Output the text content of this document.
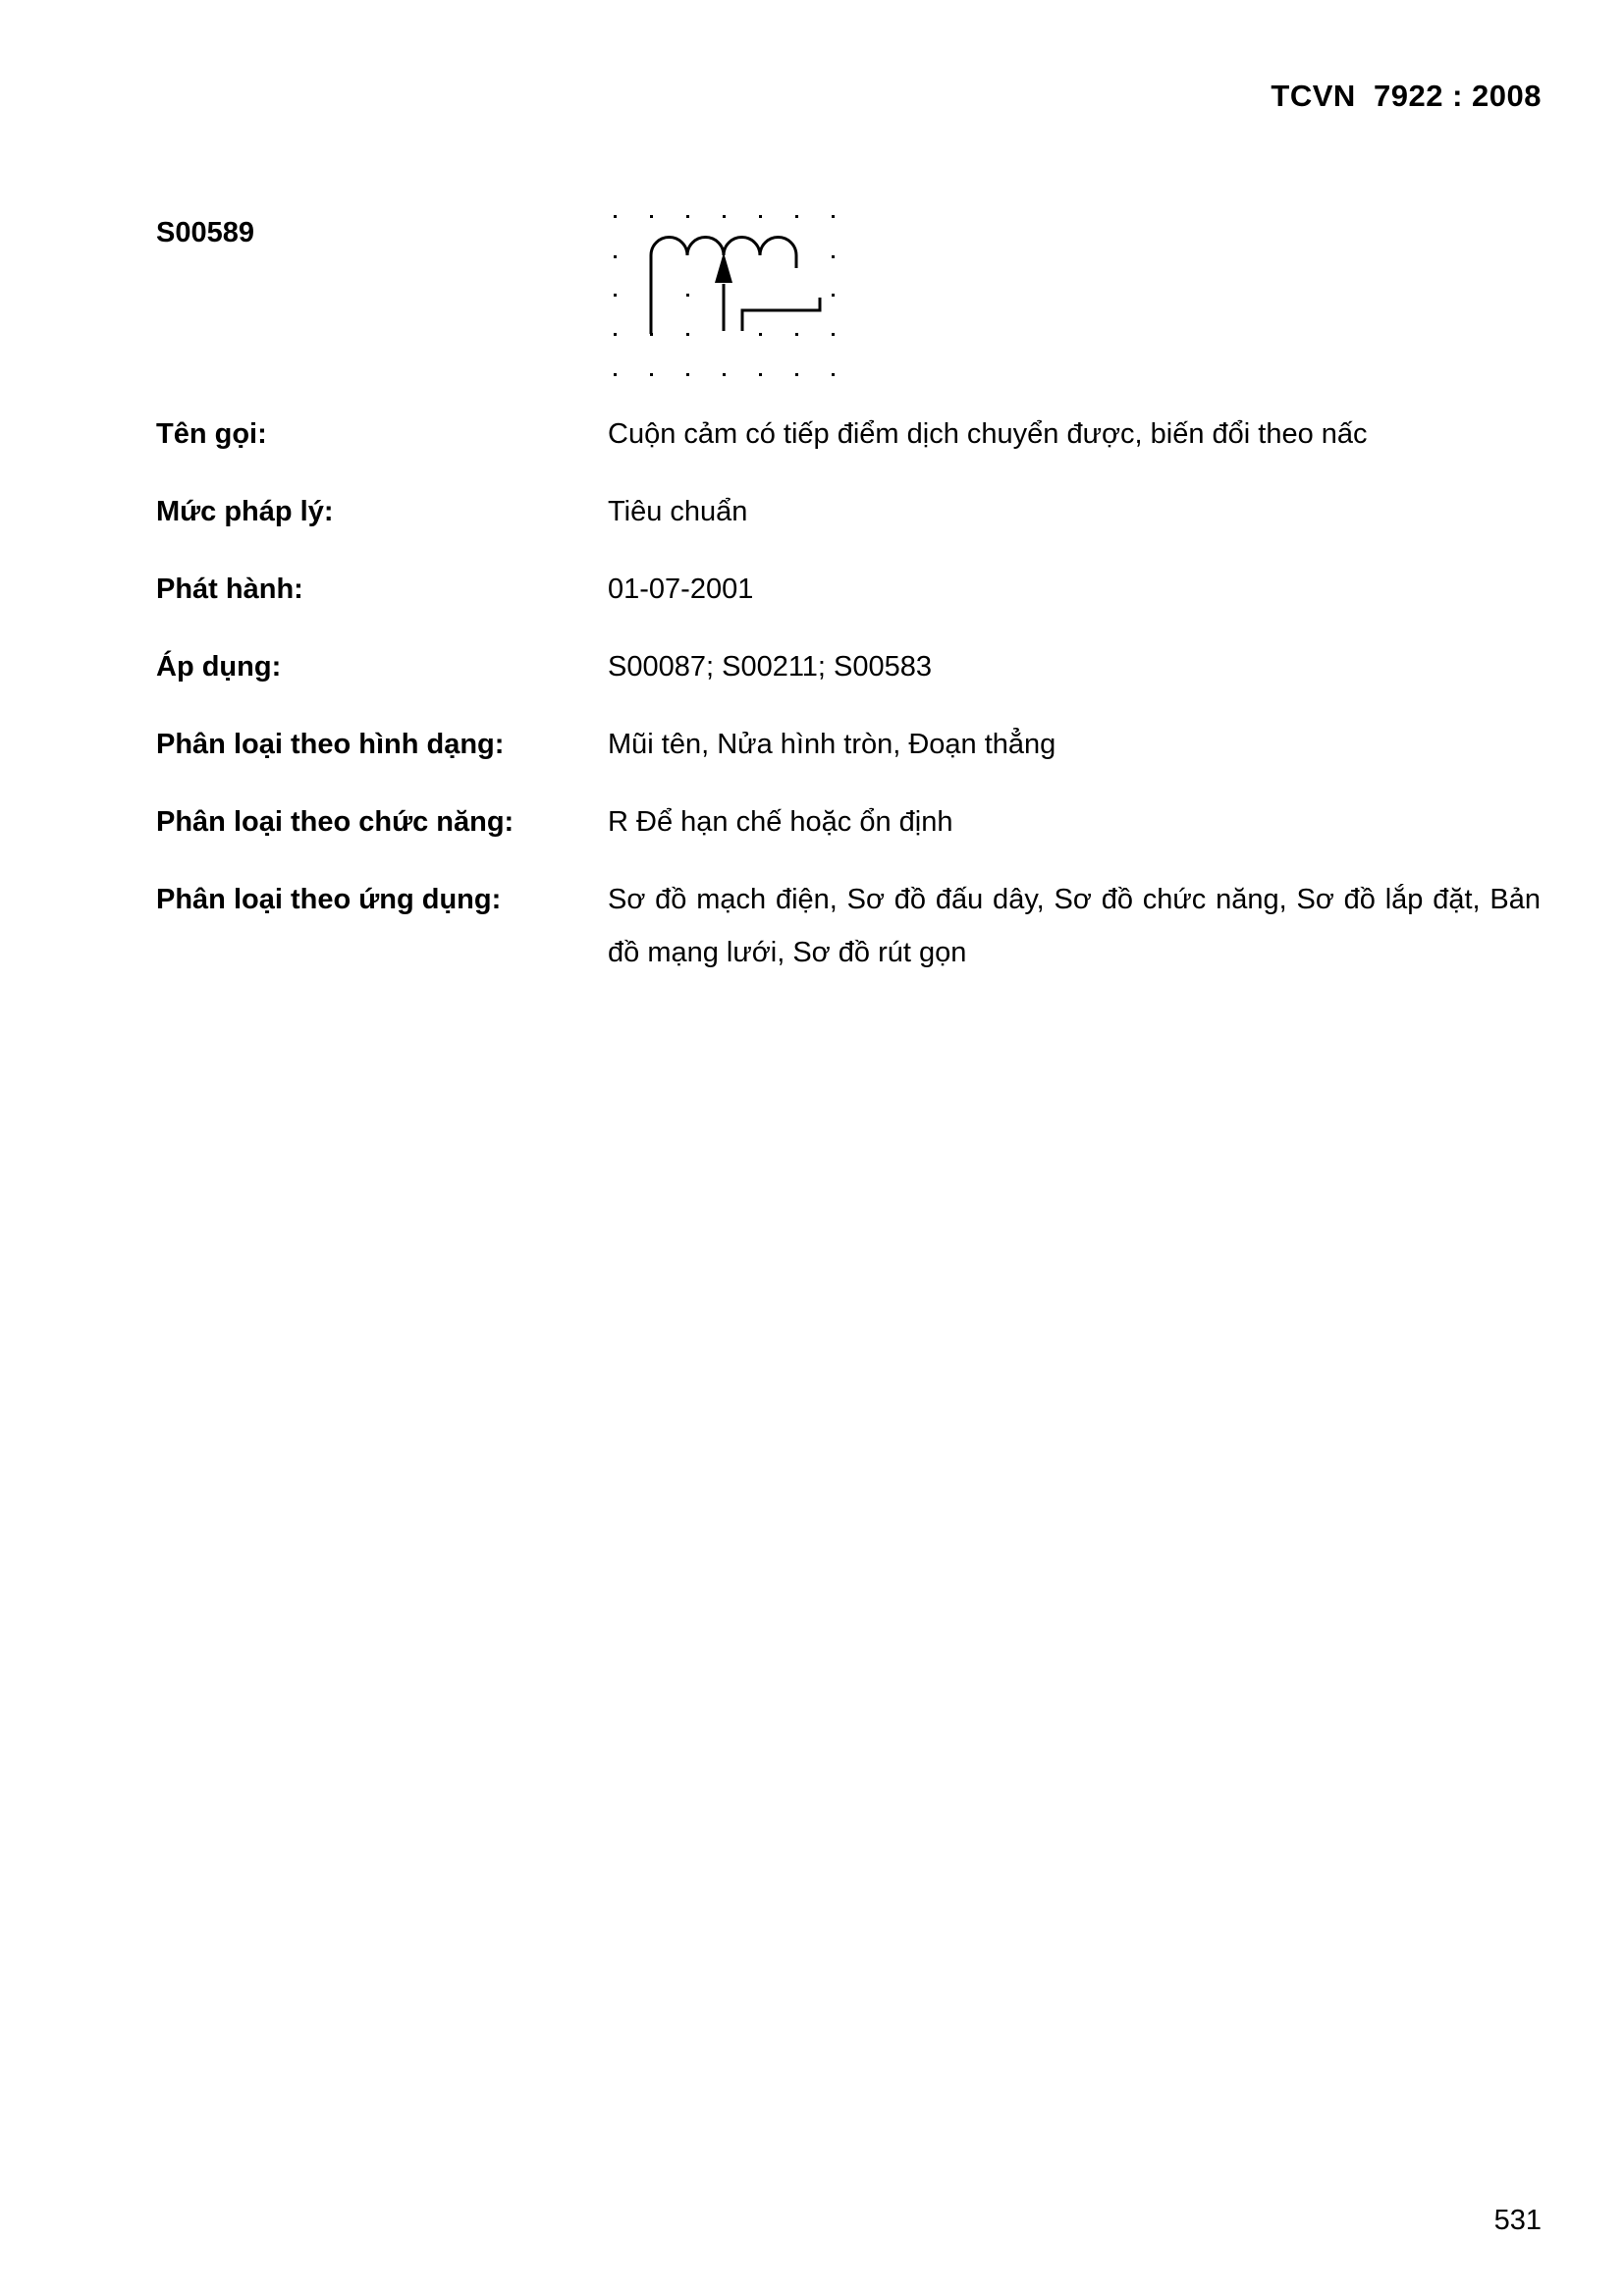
TCVN  7922 : 2008
S00589
Tên gọi:	Cuộn cảm có tiếp điểm dịch chuyển được, biến đổi theo nấc
Mức pháp lý:	Tiêu chuẩn
Phát hành:	01-07-2001
Áp dụng:	S00087; S00211; S00583
Phân loại theo hình dạng:	Mũi tên, Nửa hình tròn, Đoạn thẳng
Phân loại theo chức năng:	R Để hạn chế hoặc ổn định
Phân loại theo ứng dụng:	Sơ đồ mạch điện, Sơ đồ đấu dây, Sơ đồ chức năng, Sơ đồ lắp đặt, Bản đồ mạng lưới, Sơ đồ rút gọn
531
